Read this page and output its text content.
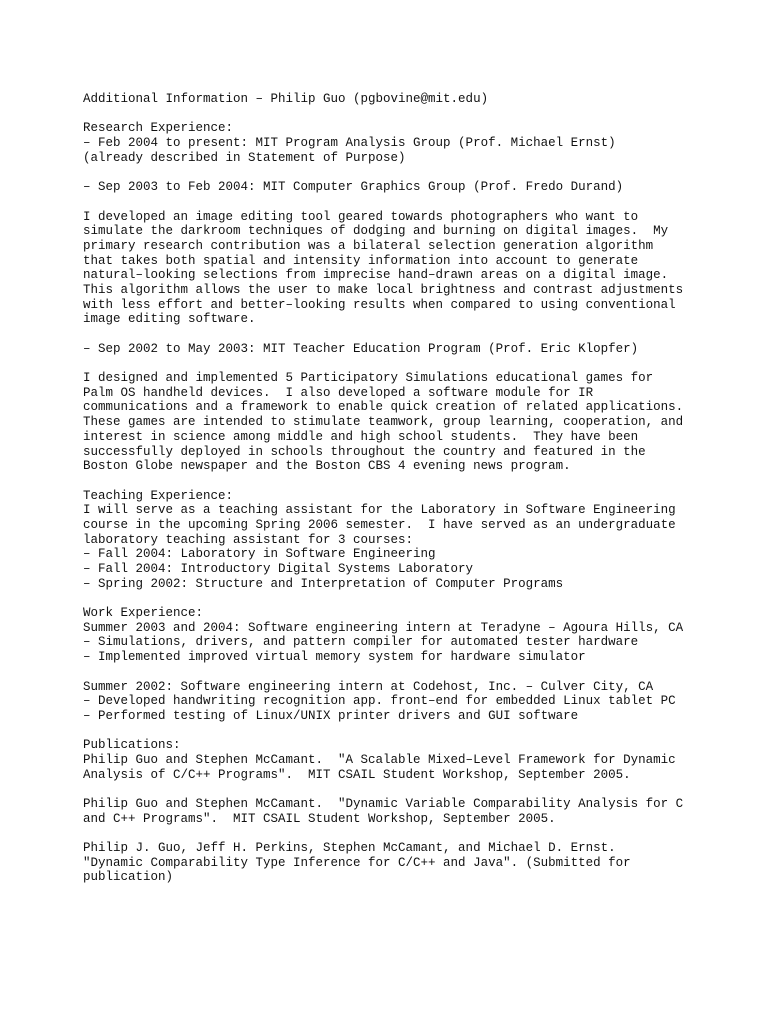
Additional Information – Philip Guo (pgbovine@mit.edu)
Research Experience:
– Feb 2004 to present: MIT Program Analysis Group (Prof. Michael Ernst)
(already described in Statement of Purpose)
– Sep 2003 to Feb 2004: MIT Computer Graphics Group (Prof. Fredo Durand)
I developed an image editing tool geared towards photographers who want to
simulate the darkroom techniques of dodging and burning on digital images.  My
primary research contribution was a bilateral selection generation algorithm
that takes both spatial and intensity information into account to generate
natural–looking selections from imprecise hand–drawn areas on a digital image.
This algorithm allows the user to make local brightness and contrast adjustments
with less effort and better–looking results when compared to using conventional
image editing software.
– Sep 2002 to May 2003: MIT Teacher Education Program (Prof. Eric Klopfer)
I designed and implemented 5 Participatory Simulations educational games for
Palm OS handheld devices.  I also developed a software module for IR
communications and a framework to enable quick creation of related applications.
These games are intended to stimulate teamwork, group learning, cooperation, and
interest in science among middle and high school students.  They have been
successfully deployed in schools throughout the country and featured in the
Boston Globe newspaper and the Boston CBS 4 evening news program.
Teaching Experience:
I will serve as a teaching assistant for the Laboratory in Software Engineering
course in the upcoming Spring 2006 semester.  I have served as an undergraduate
laboratory teaching assistant for 3 courses:
– Fall 2004: Laboratory in Software Engineering
– Fall 2004: Introductory Digital Systems Laboratory
– Spring 2002: Structure and Interpretation of Computer Programs
Work Experience:
Summer 2003 and 2004: Software engineering intern at Teradyne – Agoura Hills, CA
– Simulations, drivers, and pattern compiler for automated tester hardware
– Implemented improved virtual memory system for hardware simulator
Summer 2002: Software engineering intern at Codehost, Inc. – Culver City, CA
– Developed handwriting recognition app. front–end for embedded Linux tablet PC
– Performed testing of Linux/UNIX printer drivers and GUI software
Publications:
Philip Guo and Stephen McCamant.  "A Scalable Mixed–Level Framework for Dynamic
Analysis of C/C++ Programs".  MIT CSAIL Student Workshop, September 2005.
Philip Guo and Stephen McCamant.  "Dynamic Variable Comparability Analysis for C
and C++ Programs".  MIT CSAIL Student Workshop, September 2005.
Philip J. Guo, Jeff H. Perkins, Stephen McCamant, and Michael D. Ernst.
"Dynamic Comparability Type Inference for C/C++ and Java". (Submitted for
publication)
